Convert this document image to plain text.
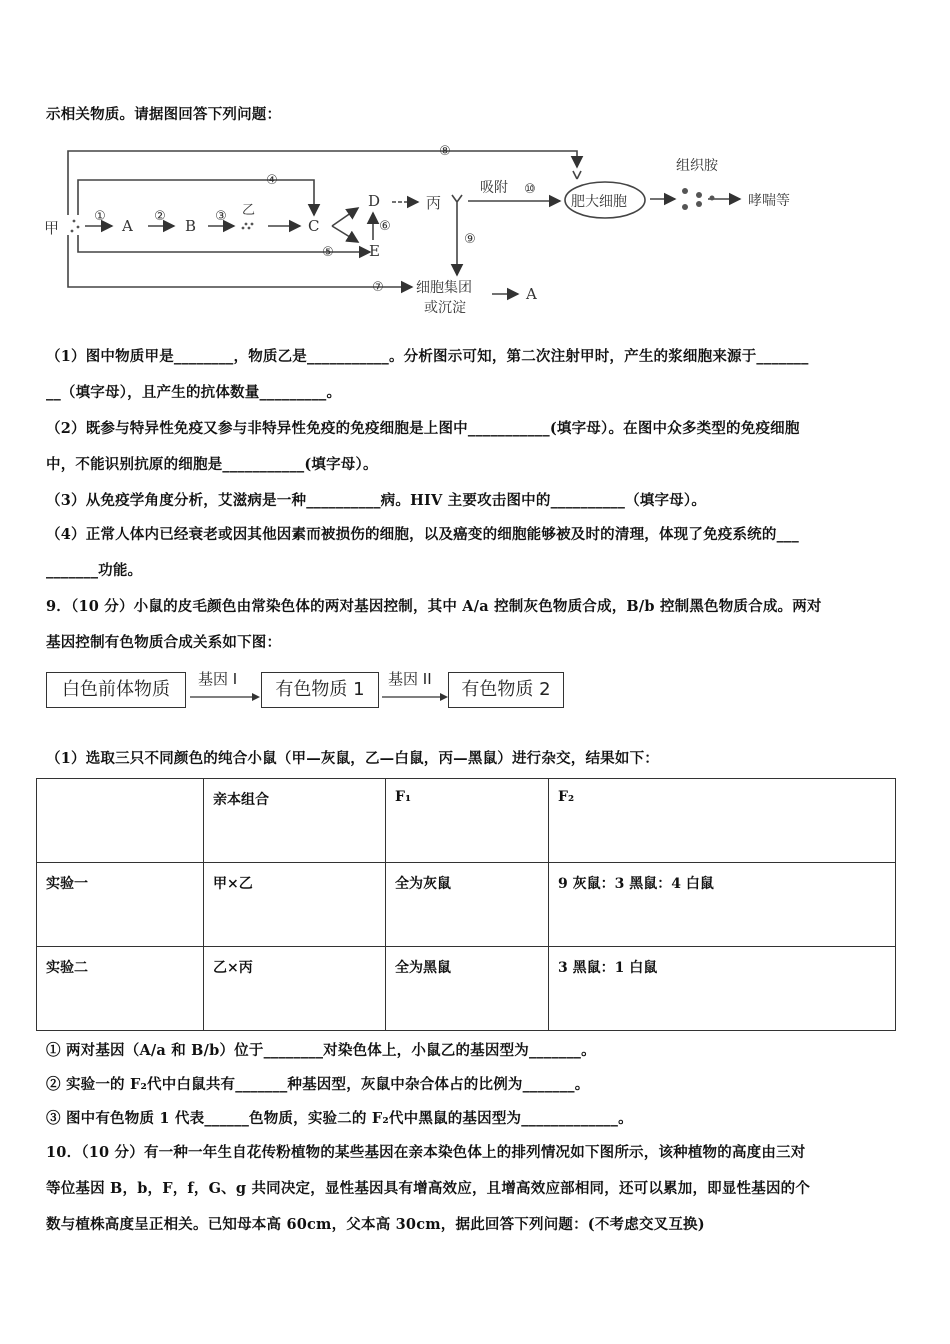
示相关物质。请据图回答下列问题：
⑧
④
①	②	③
⑤
⑥
⑦
⑨
⑩
甲	A	B
乙
C
D
E
丙
吸附
肥大细胞
组织胺
哮喘等
细胞集团
或沉淀
A
（1）图中物质甲是________，物质乙是___________。分析图示可知，第二次注射甲时，产生的浆细胞来源于_______
__（填字母），且产生的抗体数量_________。
（2）既参与特异性免疫又参与非特异性免疫的免疫细胞是上图中___________(填字母）。在图中众多类型的免疫细胞
中，不能识别抗原的细胞是___________(填字母）。
（3）从免疫学角度分析，艾滋病是一种__________病。HIV 主要攻击图中的__________（填字母）。
（4）正常人体内已经衰老或因其他因素而被损伤的细胞，以及癌变的细胞能够被及时的清理，体现了免疫系统的___
_______功能。
9．（10 分）小鼠的皮毛颜色由常染色体的两对基因控制，其中 A/a 控制灰色物质合成，B/b 控制黑色物质合成。两对
基因控制有色物质合成关系如下图：
白色前体物质	基因 I	有色物质 1	基因 II	有色物质 2
（1）选取三只不同颜色的纯合小鼠（甲—灰鼠，乙—白鼠，丙—黑鼠）进行杂交，结果如下：
	亲本组合	F₁	F₂
实验一	甲×乙	全为灰鼠	9 灰鼠：3 黑鼠：4 白鼠
实验二	乙×丙	全为黑鼠	3 黑鼠：1 白鼠
① 两对基因（A/a 和 B/b）位于________对染色体上，小鼠乙的基因型为_______。
② 实验一的 F₂代中白鼠共有_______种基因型，灰鼠中杂合体占的比例为_______。
③ 图中有色物质 1 代表______色物质，实验二的 F₂代中黑鼠的基因型为_____________。
10．（10 分）有一种一年生自花传粉植物的某些基因在亲本染色体上的排列情况如下图所示，该种植物的高度由三对
等位基因 B，b，F，f，G、g 共同决定，显性基因具有增高效应，且增高效应部相同，还可以累加，即显性基因的个
数与植株高度呈正相关。已知母本高 60cm，父本高 30cm，据此回答下列问题：(不考虑交叉互换)
